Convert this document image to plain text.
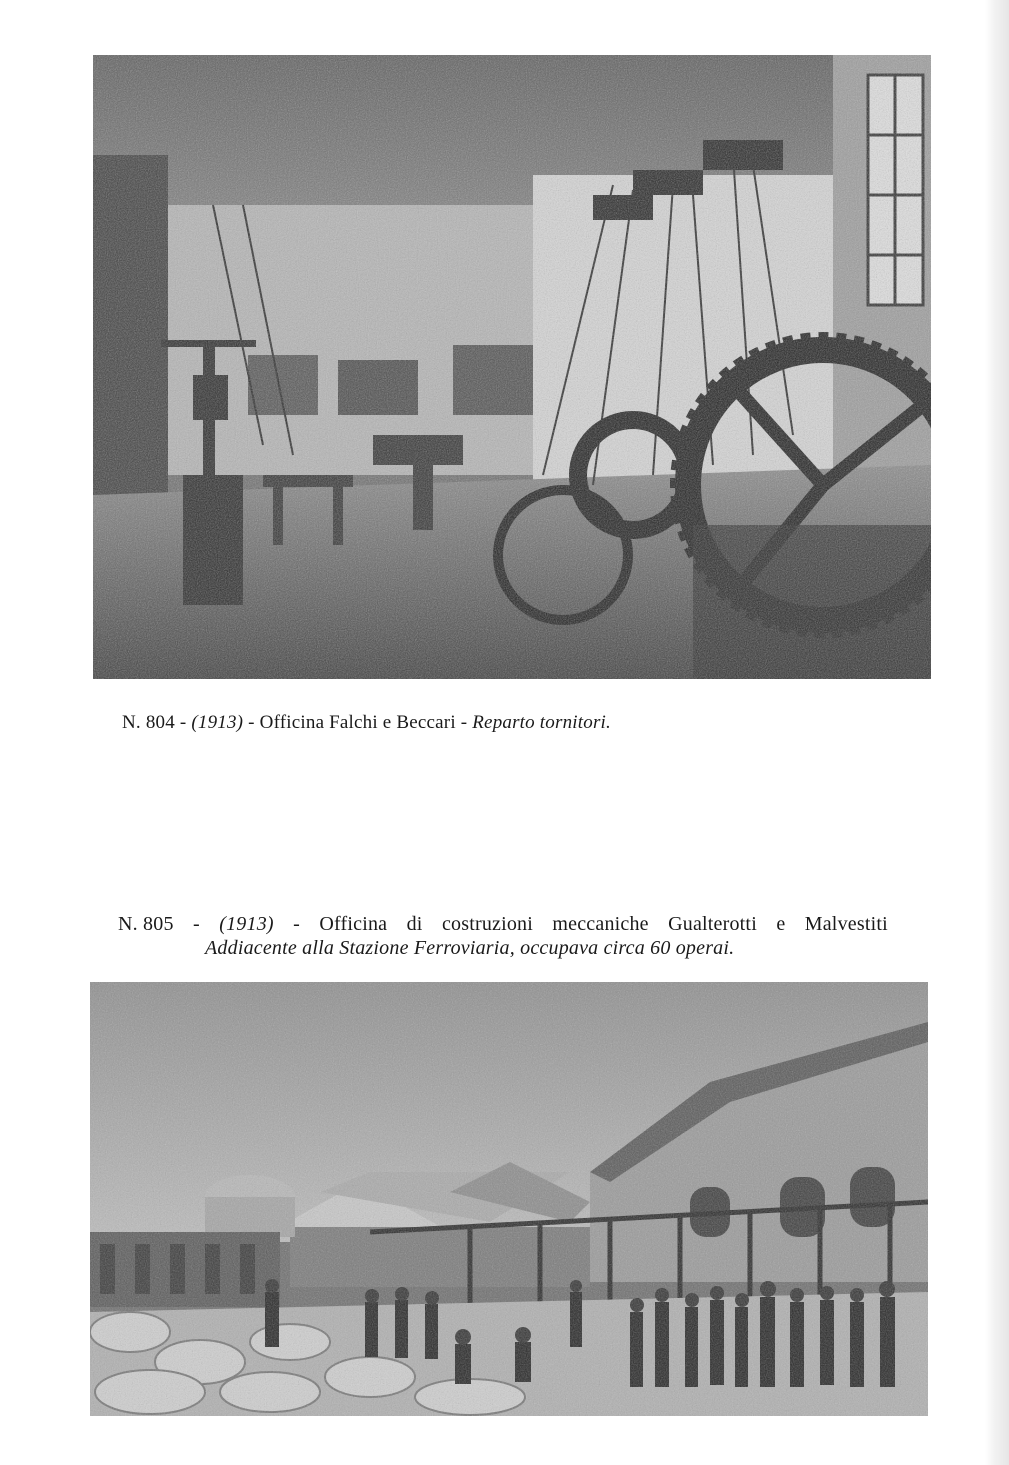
N. 804 - (1913) - Officina Falchi e Beccari - Reparto tornitori.
N. 805 - (1913) - Officina di costruzioni meccaniche Gualterotti e Malvestiti
Addiacente alla Stazione Ferroviaria, occupava circa 60 operai.
